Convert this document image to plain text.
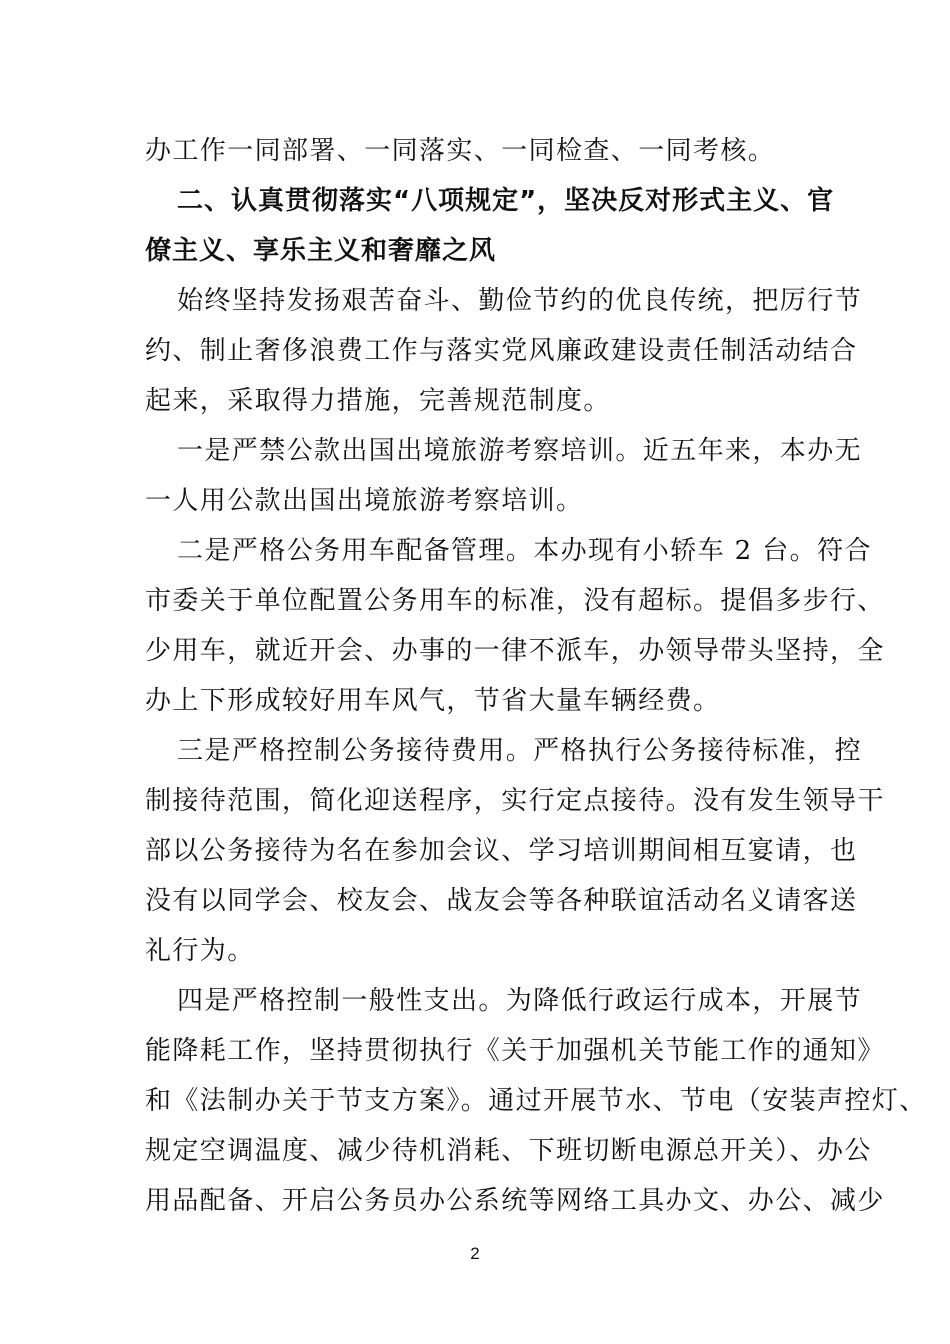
办工作一同部署、一同落实、一同检查、一同考核。
二、认真贯彻落实“八项规定”，坚决反对形式主义、官
僚主义、享乐主义和奢靡之风
始终坚持发扬艰苦奋斗、勤俭节约的优良传统，把厉行节
约、制止奢侈浪费工作与落实党风廉政建设责任制活动结合
起来，采取得力措施，完善规范制度。
一是严禁公款出国出境旅游考察培训。近五年来，本办无
一人用公款出国出境旅游考察培训。
二是严格公务用车配备管理。本办现有小轿车 2 台。符合
市委关于单位配置公务用车的标准，没有超标。提倡多步行、
少用车，就近开会、办事的一律不派车，办领导带头坚持，全
办上下形成较好用车风气，节省大量车辆经费。
三是严格控制公务接待费用。严格执行公务接待标准，控
制接待范围，简化迎送程序，实行定点接待。没有发生领导干
部以公务接待为名在参加会议、学习培训期间相互宴请，也
没有以同学会、校友会、战友会等各种联谊活动名义请客送
礼行为。
四是严格控制一般性支出。为降低行政运行成本，开展节
能降耗工作，坚持贯彻执行《关于加强机关节能工作的通知》
和《法制办关于节支方案》。通过开展节水、节电（安装声控灯、
规定空调温度、减少待机消耗、下班切断电源总开关）、办公
用品配备、开启公务员办公系统等网络工具办文、办公、减少
2
